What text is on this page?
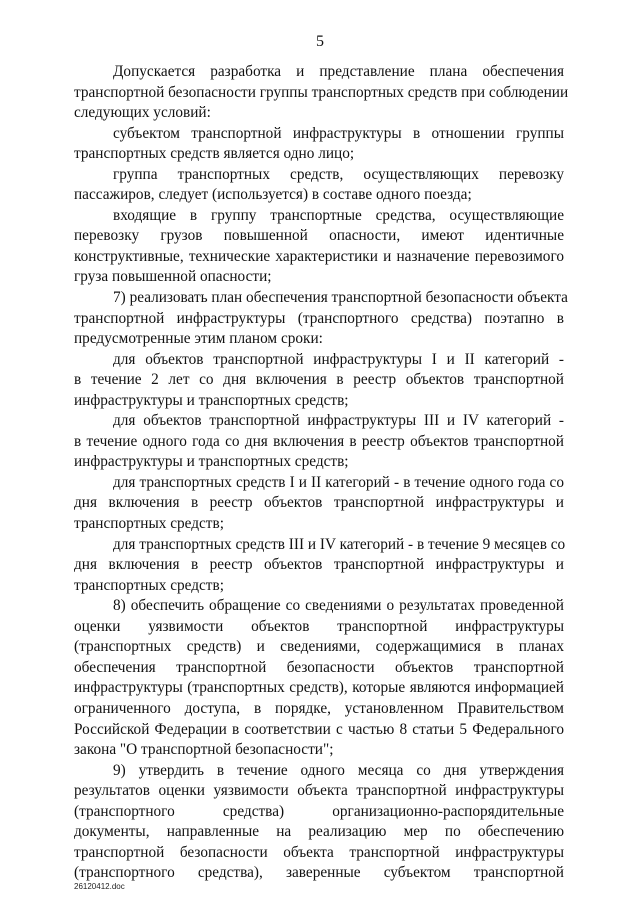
5
Допускается разработка и представление плана обеспечения
транспортной безопасности группы транспортных средств при соблюдении
следующих условий:
субъектом транспортной инфраструктуры в отношении группы
транспортных средств является одно лицо;
группа транспортных средств, осуществляющих перевозку
пассажиров, следует (используется) в составе одного поезда;
входящие в группу транспортные средства, осуществляющие
перевозку грузов повышенной опасности, имеют идентичные
конструктивные, технические характеристики и назначение перевозимого
груза повышенной опасности;
7) реализовать план обеспечения транспортной безопасности объекта
транспортной инфраструктуры (транспортного средства) поэтапно в
предусмотренные этим планом сроки:
для объектов транспортной инфраструктуры I и II категорий -
в течение 2 лет со дня включения в реестр объектов транспортной
инфраструктуры и транспортных средств;
для объектов транспортной инфраструктуры III и IV категорий -
в течение одного года со дня включения в реестр объектов транспортной
инфраструктуры и транспортных средств;
для транспортных средств I и II категорий - в течение одного года со
дня включения в реестр объектов транспортной инфраструктуры и
транспортных средств;
для транспортных средств III и IV категорий - в течение 9 месяцев со
дня включения в реестр объектов транспортной инфраструктуры и
транспортных средств;
8) обеспечить обращение со сведениями о результатах проведенной
оценки уязвимости объектов транспортной инфраструктуры
(транспортных средств) и сведениями, содержащимися в планах
обеспечения транспортной безопасности объектов транспортной
инфраструктуры (транспортных средств), которые являются информацией
ограниченного доступа, в порядке, установленном Правительством
Российской Федерации в соответствии с частью 8 статьи 5 Федерального
закона "О транспортной безопасности";
9) утвердить в течение одного месяца со дня утверждения
результатов оценки уязвимости объекта транспортной инфраструктуры
(транспортного средства) организационно-распорядительные
документы, направленные на реализацию мер по обеспечению
транспортной безопасности объекта транспортной инфраструктуры
(транспортного средства), заверенные субъектом транспортной
26120412.doc
